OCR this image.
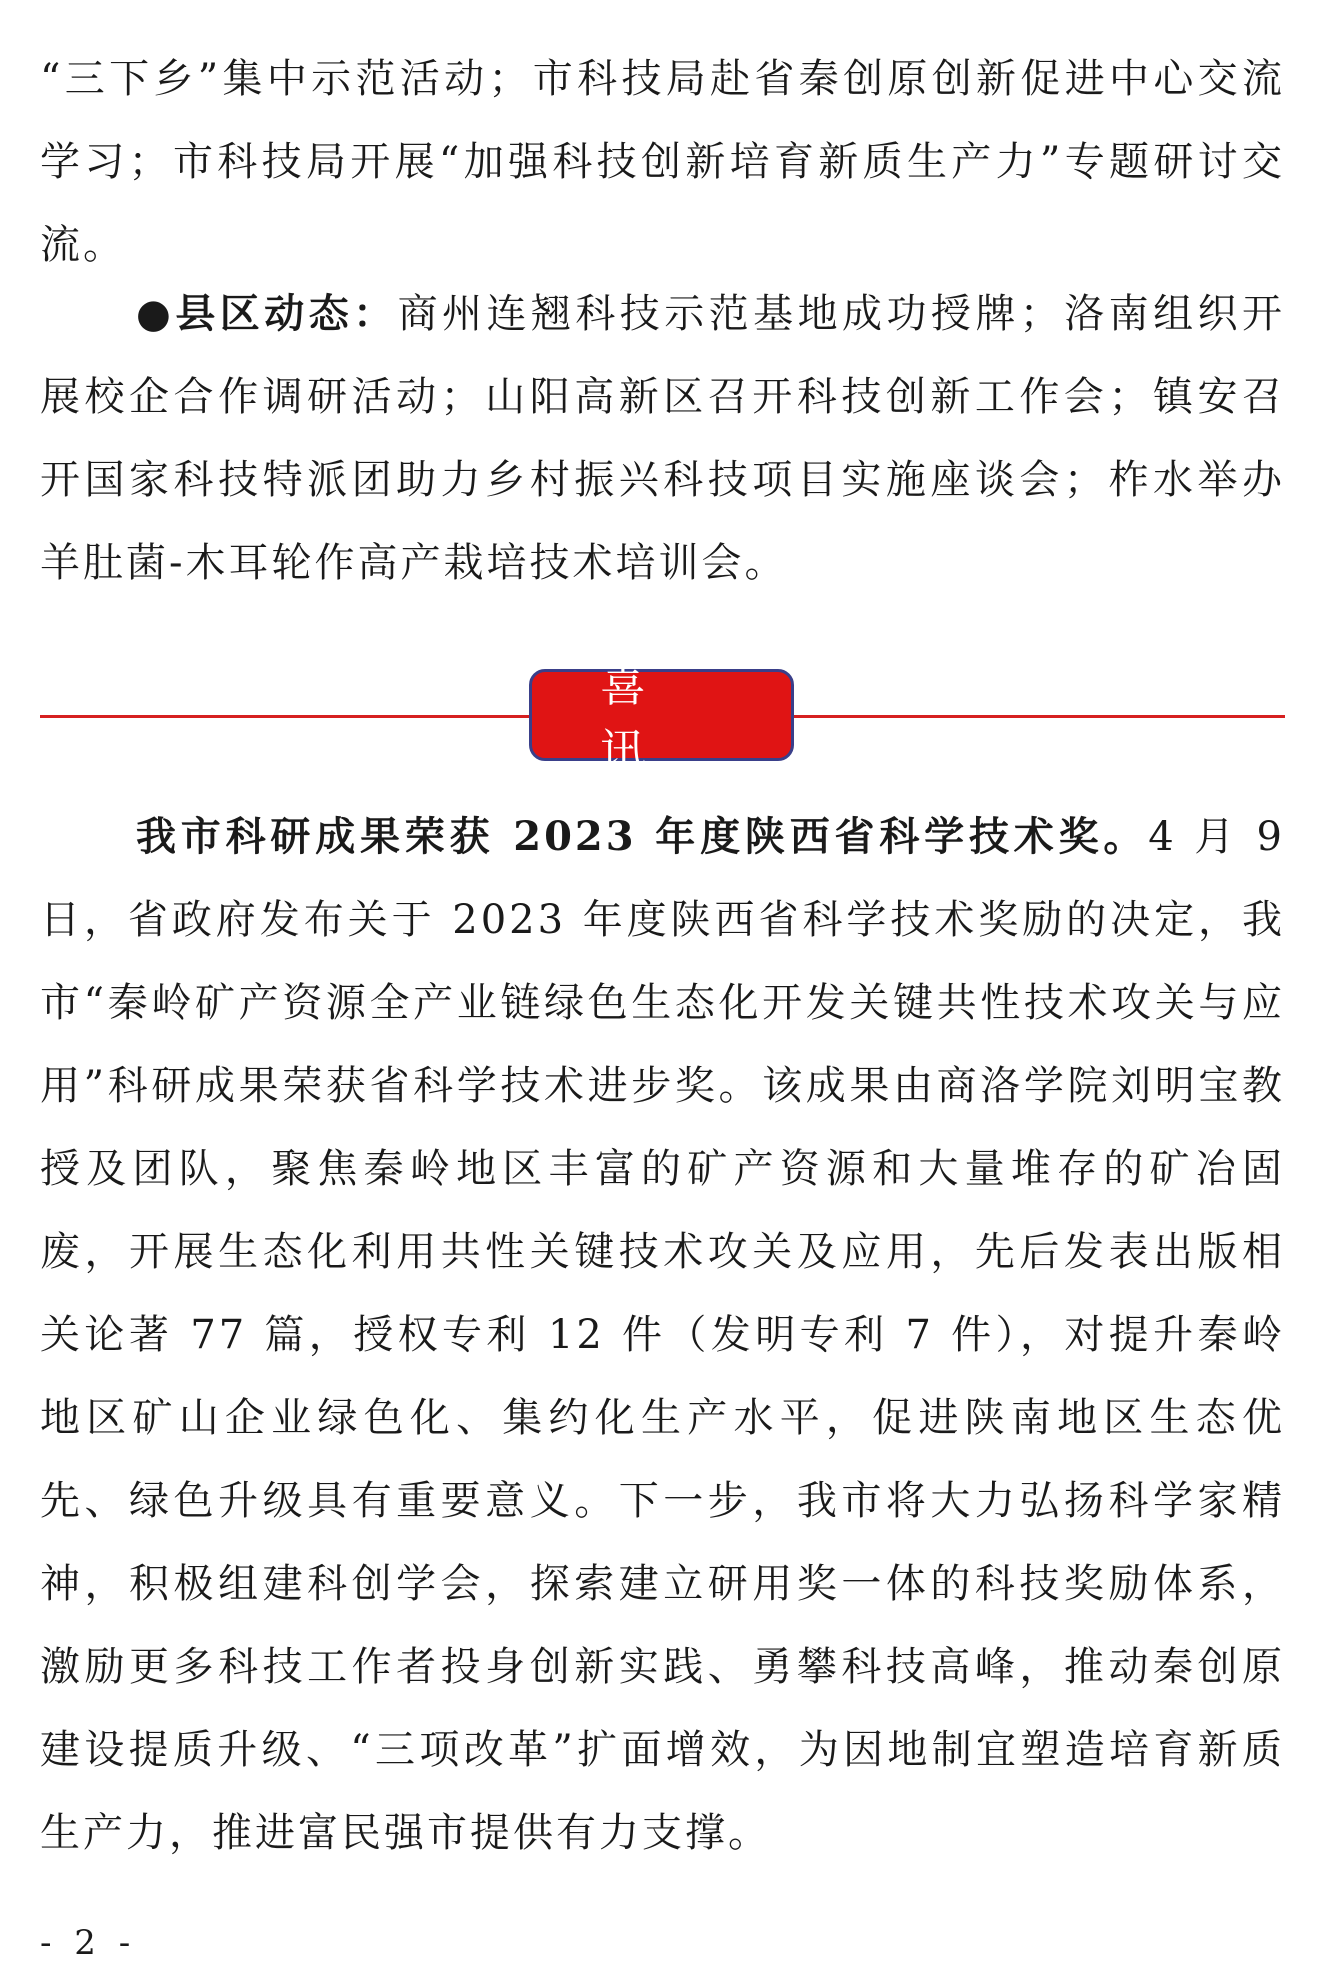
“三下乡”集中示范活动；市科技局赴省秦创原创新促进中心交流学习；市科技局开展“加强科技创新培育新质生产力”专题研讨交流。

●县区动态：商州连翘科技示范基地成功授牌；洛南组织开展校企合作调研活动；山阳高新区召开科技创新工作会；镇安召开国家科技特派团助力乡村振兴科技项目实施座谈会；柞水举办羊肚菌-木耳轮作高产栽培技术培训会。
喜讯
我市科研成果荣获 2023 年度陕西省科学技术奖。4 月 9 日，省政府发布关于 2023 年度陕西省科学技术奖励的决定，我市“秦岭矿产资源全产业链绿色生态化开发关键共性技术攻关与应用”科研成果荣获省科学技术进步奖。该成果由商洛学院刘明宝教授及团队，聚焦秦岭地区丰富的矿产资源和大量堆存的矿冶固废，开展生态化利用共性关键技术攻关及应用，先后发表出版相关论著 77 篇，授权专利 12 件（发明专利 7 件），对提升秦岭地区矿山企业绿色化、集约化生产水平，促进陕南地区生态优先、绿色升级具有重要意义。下一步，我市将大力弘扬科学家精神，积极组建科创学会，探索建立研用奖一体的科技奖励体系，激励更多科技工作者投身创新实践、勇攀科技高峰，推动秦创原建设提质升级、“三项改革”扩面增效，为因地制宜塑造培育新质生产力，推进富民强市提供有力支撑。
- 2 -
